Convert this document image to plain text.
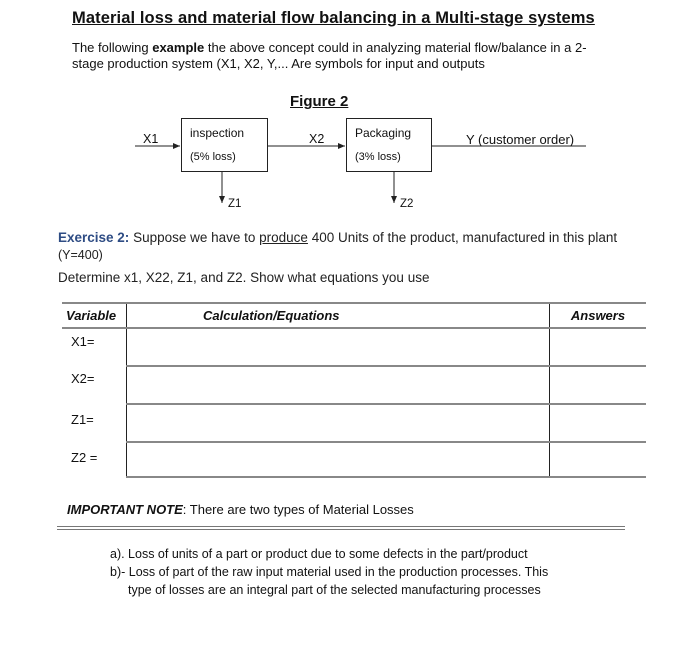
Material loss and material flow balancing in a Multi-stage systems
The following example the above concept could in analyzing material flow/balance in a 2- stage production system (X1, X2, Y,... Are symbols for input and outputs
Figure 2
inspection
(5% loss)
Packaging
(3% loss)
X1	X2	Y (customer order)
Z1	Z2
Exercise 2: Suppose we have to produce 400 Units of the product, manufactured in this plant (Y=400)
Determine x1, X22, Z1, and Z2. Show what equations you use
Variable	Calculation/Equations	Answers
X1=		
X2=		
Z1=		
Z2 =		
IMPORTANT NOTE: There are two types of Material Losses
a). Loss of units of a part or product due to some defects in the part/product
b)- Loss of part of the raw input material used in the production processes. This
type of losses are an integral part of the selected manufacturing processes
